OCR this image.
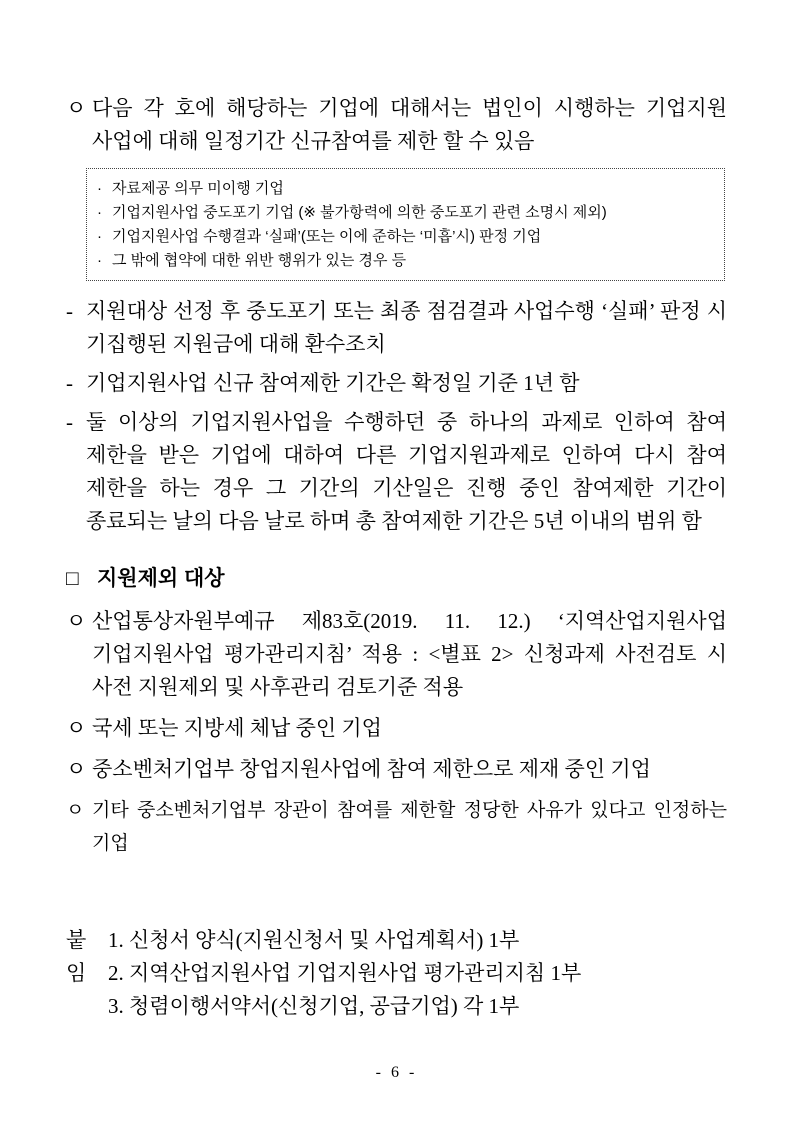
ㅇ 다음 각 호에 해당하는 기업에 대해서는 법인이 시행하는 기업지원 사업에 대해 일정기간 신규참여를 제한 할 수 있음
· 자료제공 의무 미이행 기업
· 기업지원사업 중도포기 기업 (※ 불가항력에 의한 중도포기 관련 소명시 제외)
· 기업지원사업 수행결과 ‘실패’(또는 이에 준하는 ‘미흡’시) 판정 기업
· 그 밖에 협약에 대한 위반 행위가 있는 경우 등
- 지원대상 선정 후 중도포기 또는 최종 점검결과 사업수행 ‘실패’ 판정 시 기집행된 지원금에 대해 환수조치
- 기업지원사업 신규 참여제한 기간은 확정일 기준 1년 함
- 둘 이상의 기업지원사업을 수행하던 중 하나의 과제로 인하여 참여 제한을 받은 기업에 대하여 다른 기업지원과제로 인하여 다시 참여 제한을 하는 경우 그 기간의 기산일은 진행 중인 참여제한 기간이 종료되는 날의 다음 날로 하며 총 참여제한 기간은 5년 이내의 범위 함
□ 지원제외 대상
ㅇ 산업통상자원부예규 제83호(2019. 11. 12.) ‘지역산업지원사업 기업지원사업 평가관리지침’ 적용 : <별표 2> 신청과제 사전검토 시 사전 지원제외 및 사후관리 검토기준 적용
ㅇ 국세 또는 지방세 체납 중인 기업
ㅇ 중소벤처기업부 창업지원사업에 참여 제한으로 제재 중인 기업
ㅇ 기타 중소벤처기업부 장관이 참여를 제한할 정당한 사유가 있다고 인정하는 기업
붙임
1. 신청서 양식(지원신청서 및 사업계획서) 1부
2. 지역산업지원사업 기업지원사업 평가관리지침 1부
3. 청렴이행서약서(신청기업, 공급기업) 각 1부
- 6 -
